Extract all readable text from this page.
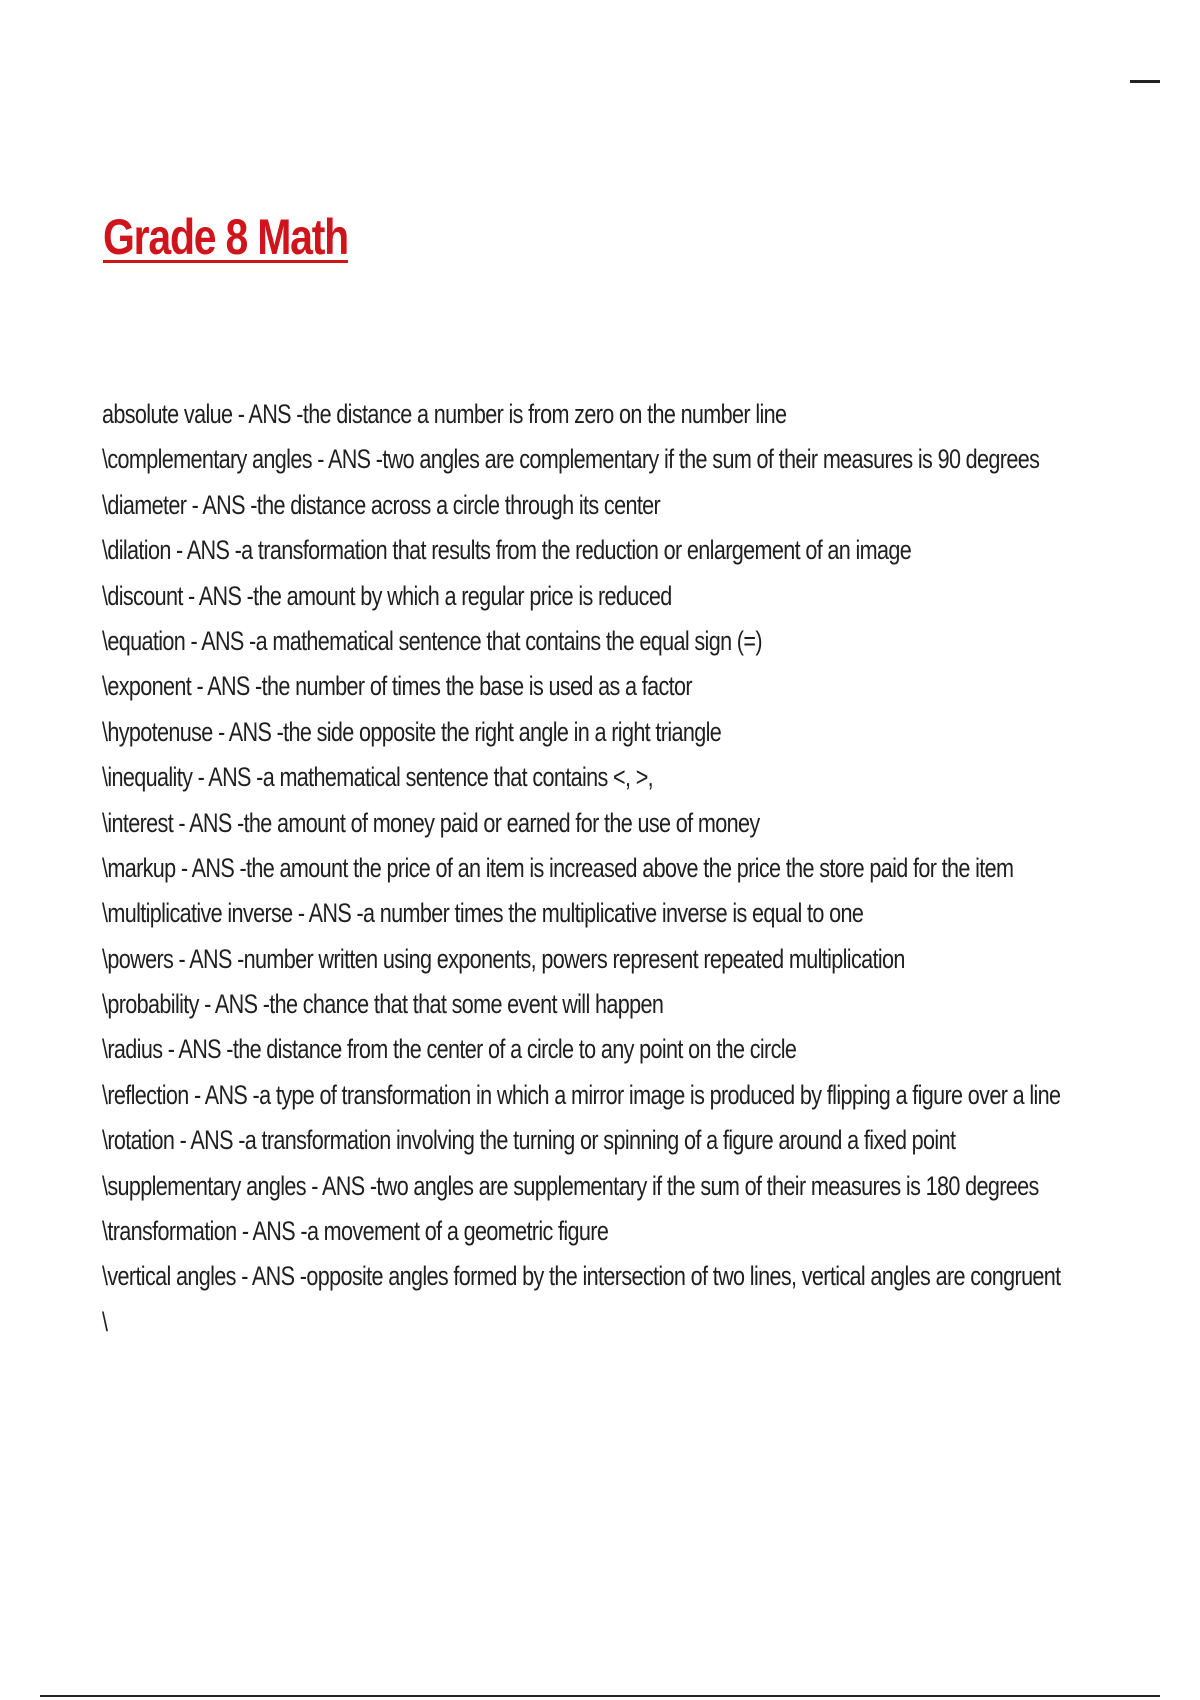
Grade 8 Math
absolute value - ANS -the distance a number is from zero on the number line
\complementary angles - ANS -two angles are complementary if the sum of their measures is 90 degrees
\diameter - ANS -the distance across a circle through its center
\dilation - ANS -a transformation that results from the reduction or enlargement of an image
\discount - ANS -the amount by which a regular price is reduced
\equation - ANS -a mathematical sentence that contains the equal sign (=)
\exponent - ANS -the number of times the base is used as a factor
\hypotenuse - ANS -the side opposite the right angle in a right triangle
\inequality - ANS -a mathematical sentence that contains <, >,
\interest - ANS -the amount of money paid or earned for the use of money
\markup - ANS -the amount the price of an item is increased above the price the store paid for the item
\multiplicative inverse - ANS -a number times the multiplicative inverse is equal to one
\powers - ANS -number written using exponents, powers represent repeated multiplication
\probability - ANS -the chance that that some event will happen
\radius - ANS -the distance from the center of a circle to any point on the circle
\reflection - ANS -a type of transformation in which a mirror image is produced by flipping a figure over a line
\rotation - ANS -a transformation involving the turning or spinning of a figure around a fixed point
\supplementary angles - ANS -two angles are supplementary if the sum of their measures is 180 degrees
\transformation - ANS -a movement of a geometric figure
\vertical angles - ANS -opposite angles formed by the intersection of two lines, vertical angles are congruent
\
